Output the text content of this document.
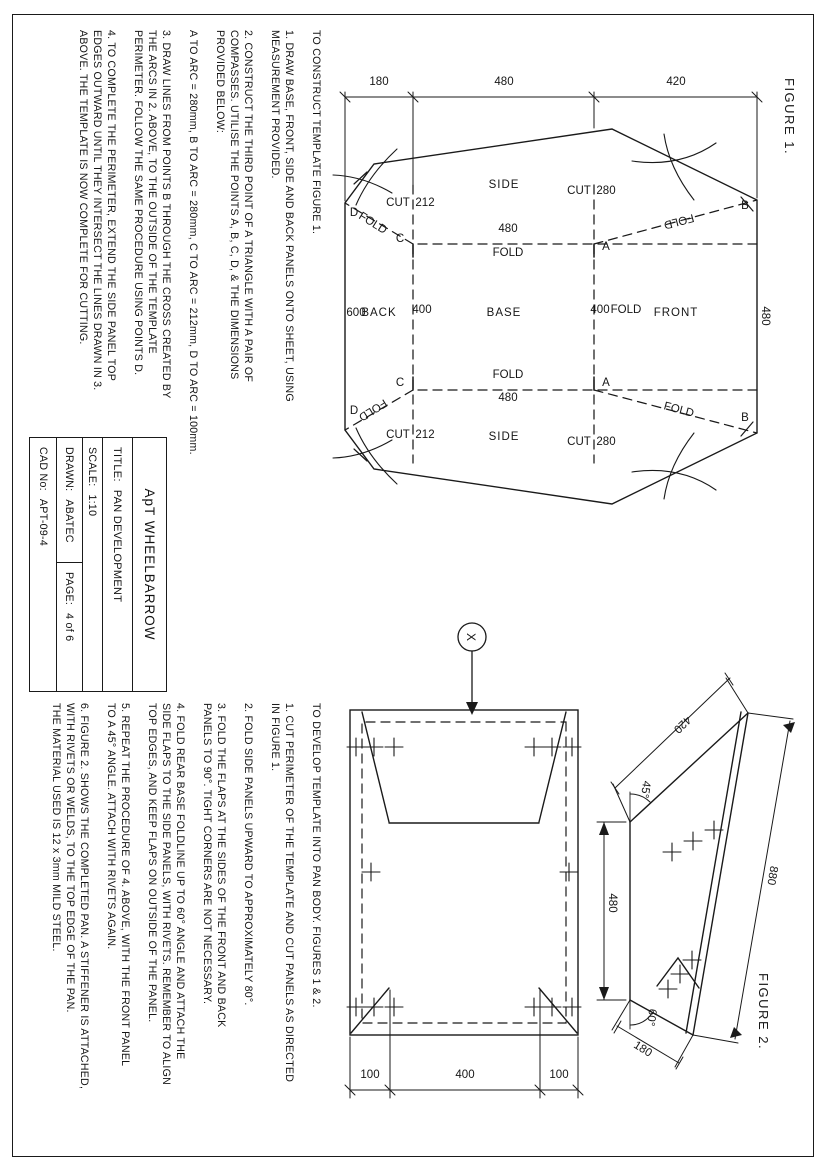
FIGURE 1.
SIDE
BASE	FRONT
BACK
SIDE
420
480
180
480
600
480
FOLD
FOLD
480
FOLD
400
400
280
CUT
280
CUT
212
CUT
212
CUT
FOLD
FOLD
FOLD
FOLD
A
A
B
B
C
C
D
D
FIGURE 2.
X
100
400
100
480
880
420
180
45°
60°
TO CONSTRUCT TEMPLATE FIGURE 1.
1. DRAW BASE, FRONT, SIDE AND BACK PANELS ONTO SHEET, USING
MEASUREMENT PROVIDED.
2. CONSTRUCT THE THIRD POINT OF A TRIANGLE WITH A PAIR OF
COMPASSES. UTILISE THE POINTS A, B, C, D, & THE DIMENSIONS
PROVIDED BELOW:
A TO ARC = 280mm, B TO ARC = 280mm, C TO ARC = 212mm, D TO ARC = 100mm.
3. DRAW LINES FROM POINTS B THROUGH THE CROSS CREATED BY
THE ARCS IN 2. ABOVE, TO THE OUTSIDE OF THE TEMPLATE
PERIMETER. FOLLOW THE SAME PROCEDURE USING POINTS D.
4. TO COMPLETE THE PERIMETER, EXTEND THE SIDE PANEL TOP
EDGES OUTWARD UNTIL THEY INTERSECT THE LINES DRAWN IN 3.
ABOVE. THE TEMPLATE IS NOW COMPLETE FOR CUTTING.
TO DEVELOP TEMPLATE INTO PAN BODY. FIGURES 1 & 2.
1. CUT PERIMETER OF THE TEMPLATE AND CUT PANELS AS DIRECTED
IN FIGURE 1.
2. FOLD SIDE PANELS UPWARD TO APPROXIMATELY 80°.
3. FOLD THE FLAPS AT THE SIDES OF THE FRONT AND BACK
PANELS TO 90°. TIGHT CORNERS ARE NOT NECESSARY.
4. FOLD REAR BASE FOLDLINE UP TO 60° ANGLE AND ATTACH THE
SIDE FLAPS TO THE SIDE PANELS, WITH RIVETS. REMEMBER TO ALIGN
TOP EDGES, AND KEEP FLAPS ON OUTSIDE OF THE PANEL.
5. REPEAT THE PROCEDURE OF 4. ABOVE, WITH THE FRONT PANEL
TO A 45° ANGLE. ATTACH WITH RIVETS AGAIN.
6. FIGURE 2. SHOWS THE COMPLETED PAN. A STIFFENER IS ATTACHED,
WITH RIVETS OR WELDS, TO THE TOP EDGE OF THE PAN.
THE MATERIAL USED IS 12 x 3mm MILD STEEL.
ApT WHEELBARROW
TITLE:
PAN DEVELOPMENT
SCALE:
1:10
DRAWN:
ABATEC
PAGE:
4 of 6
CAD No:
APT-09-4
